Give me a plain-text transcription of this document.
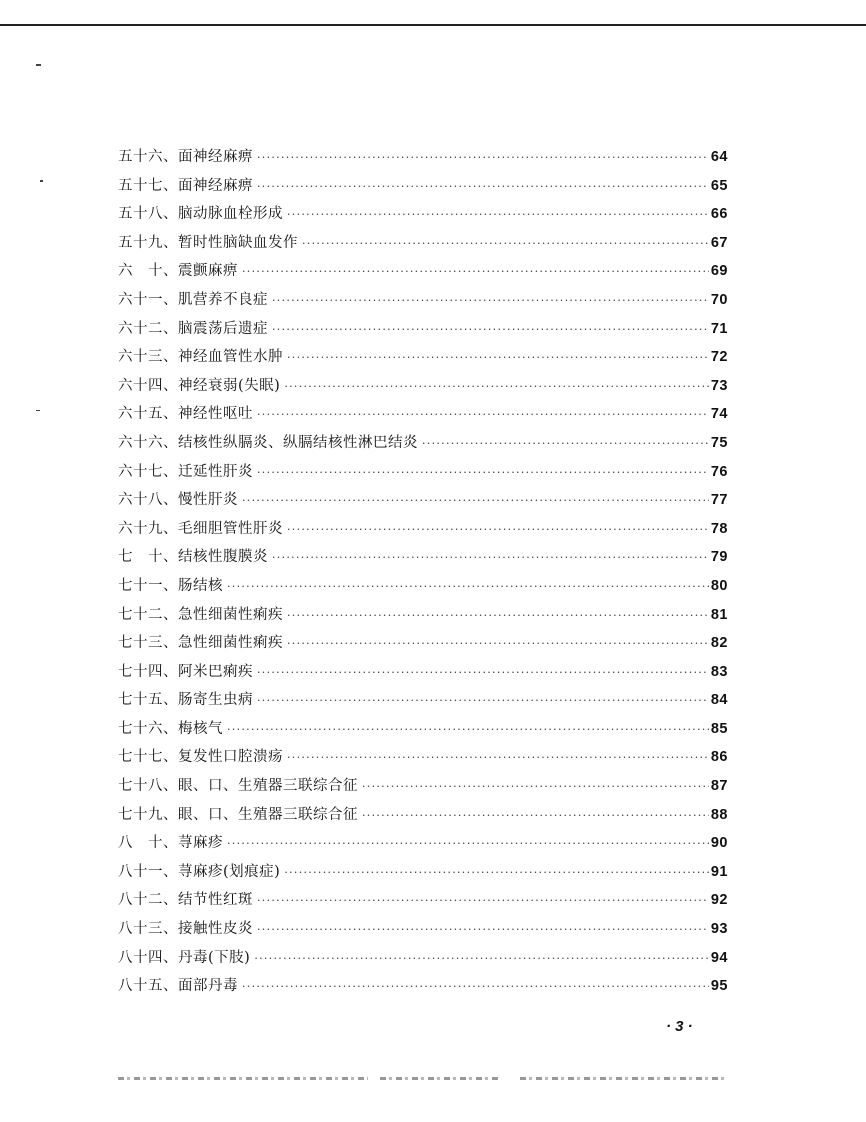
五十六、 面神经麻痹 ·····	64
五十七、 面神经麻痹 ·····	65
五十八、 脑动脉血栓形成 ·····	66
五十九、 暂时性脑缺血发作 ·····	67
六　十、 震颤麻痹 ·····	69
六十一、 肌营养不良症 ·····	70
六十二、 脑震荡后遗症 ·····	71
六十三、 神经血管性水肿 ·····	72
六十四、 神经衰弱(失眠) ·····	73
六十五、 神经性呕吐 ·····	74
六十六、 结核性纵膈炎、纵膈结核性淋巴结炎 ·····	75
六十七、 迁延性肝炎 ·····	76
六十八、 慢性肝炎 ·····	77
六十九、 毛细胆管性肝炎 ·····	78
七　十、 结核性腹膜炎 ·····	79
七十一、 肠结核 ·····	80
七十二、 急性细菌性痢疾 ·····	81
七十三、 急性细菌性痢疾 ·····	82
七十四、 阿米巴痢疾 ·····	83
七十五、 肠寄生虫病 ·····	84
七十六、 梅核气 ·····	85
七十七、 复发性口腔溃疡 ·····	86
七十八、 眼、口、生殖器三联综合征 ·····	87
七十九、 眼、口、生殖器三联综合征 ·····	88
八　十、 荨麻疹 ·····	90
八十一、 荨麻疹(划痕症) ·····	91
八十二、 结节性红斑 ·····	92
八十三、 接触性皮炎 ·····	93
八十四、 丹毒(下肢) ·····	94
八十五、 面部丹毒 ·····	95
· 3 ·
